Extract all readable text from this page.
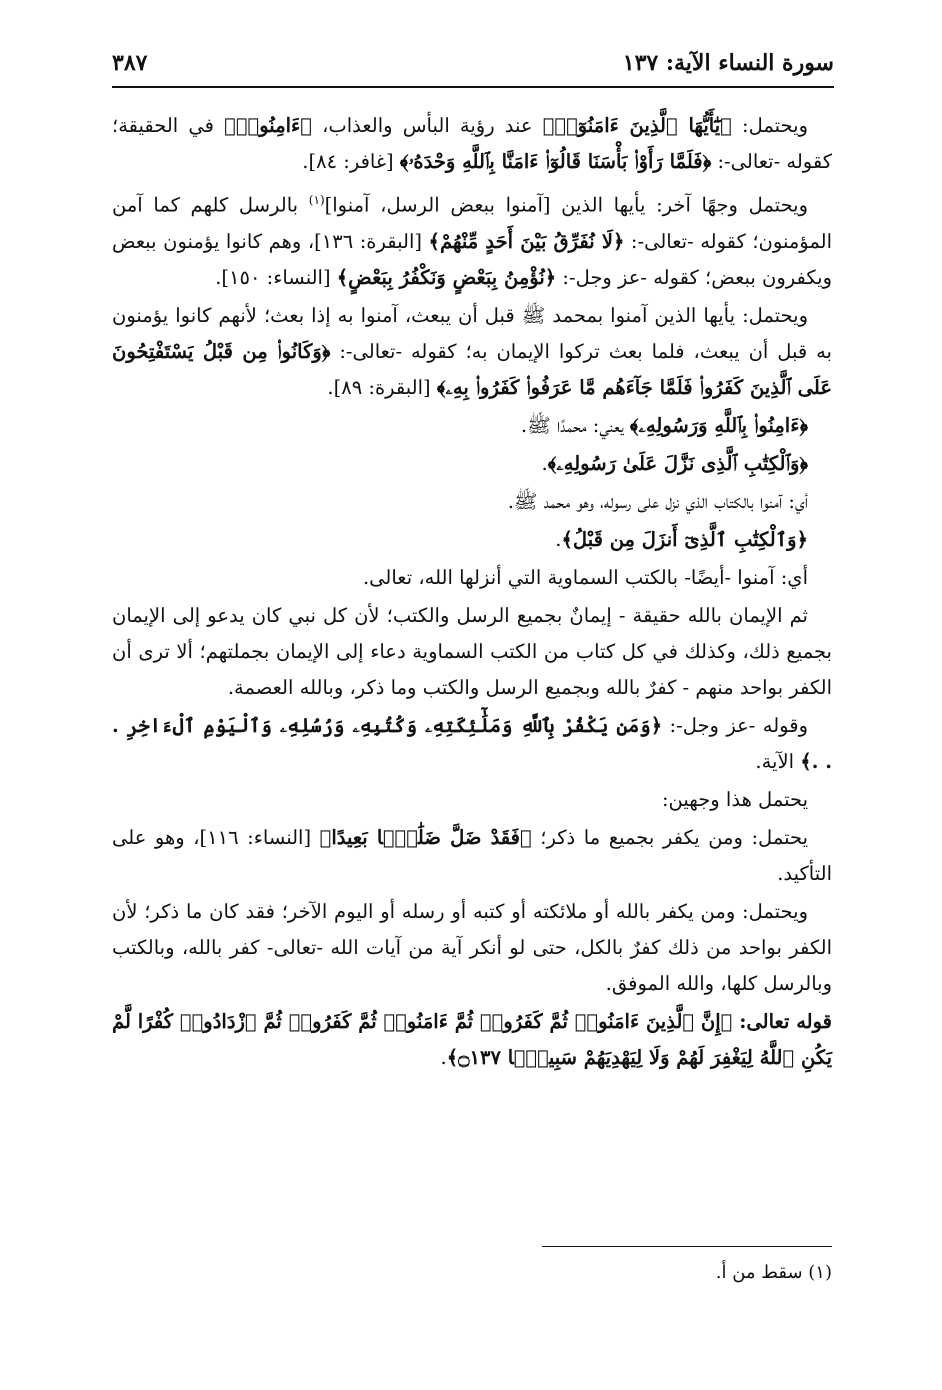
سورة النساء الآية: ١٣٧
٣٨٧

ويحتمل: ﴿يَٰٓأَيُّهَا ٱلَّذِينَ ءَامَنُوٓا۟﴾ عند رؤية البأس والعذاب، ﴿ءَامِنُوا۟﴾ في الحقيقة؛ كقوله -تعالى-: ﴿فَلَمَّا رَأَوْا۟ بَأْسَنَا قَالُوٓا۟ ءَامَنَّا بِٱللَّهِ وَحْدَهُۥ﴾ [غافر: ٨٤].

ويحتمل وجهًا آخر: يأيها الذين [آمنوا ببعض الرسل، آمنوا]$^{(١)}$ بالرسل كلهم كما آمن المؤمنون؛ كقوله -تعالى-: ﴿لَا نُفَرِّقُ بَيْنَ أَحَدٍ مِّنْهُمْ﴾ [البقرة: ١٣٦]، وهم كانوا يؤمنون ببعض ويكفرون ببعض؛ كقوله -عز وجل-: ﴿نُؤْمِنُ بِبَعْضٍ وَنَكْفُرُ بِبَعْضٍ﴾ [النساء: ١٥٠].

ويحتمل: يأيها الذين آمنوا بمحمد ﷺ قبل أن يبعث، آمنوا به إذا بعث؛ لأنهم كانوا يؤمنون به قبل أن يبعث، فلما بعث تركوا الإيمان به؛ كقوله -تعالى-: ﴿وَكَانُوا۟ مِن قَبْلُ يَسْتَفْتِحُونَ عَلَى ٱلَّذِينَ كَفَرُوا۟ فَلَمَّا جَآءَهُم مَّا عَرَفُوا۟ كَفَرُوا۟ بِهِۦ﴾ [البقرة: ٨٩].

﴿ءَامِنُوا۟ بِٱللَّهِ وَرَسُولِهِۦ﴾ يعني: محمدًا ﷺ.

﴿وَٱلْكِتَٰبِ ٱلَّذِى نَزَّلَ عَلَىٰ رَسُولِهِۦ﴾.

أي: آمنوا بالكتاب الذي نزل على رسوله، وهو محمد ﷺ.

﴿وَٱلْكِتَٰبِ ٱلَّذِىٓ أَنزَلَ مِن قَبْلُ﴾.

أي: آمنوا -أيضًا- بالكتب السماوية التي أنزلها الله، تعالى.

ثم الإيمان بالله حقيقة - إيمانٌ بجميع الرسل والكتب؛ لأن كل نبي كان يدعو إلى الإيمان بجميع ذلك، وكذلك في كل كتاب من الكتب السماوية دعاء إلى الإيمان بجملتهم؛ ألا ترى أن الكفر بواحد منهم - كفرٌ بالله وبجميع الرسل والكتب وما ذكر، وبالله العصمة.

وقوله -عز وجل-: ﴿وَمَن يَكْفُرْ بِٱللَّهِ وَمَلَٰٓئِكَتِهِۦ وَكُتُبِهِۦ وَرُسُلِهِۦ وَٱلْيَوْمِ ٱلْءَاخِرِ . . .﴾ الآية.

يحتمل هذا وجهين:

يحتمل: ومن يكفر بجميع ما ذكر؛ ﴿فَقَدْ ضَلَّ ضَلَٰلًۢا بَعِيدًا﴾ [النساء: ١١٦]، وهو على التأكيد.

ويحتمل: ومن يكفر بالله أو ملائكته أو كتبه أو رسله أو اليوم الآخر؛ فقد كان ما ذكر؛ لأن الكفر بواحد من ذلك كفرٌ بالكل، حتى لو أنكر آية من آيات الله -تعالى- كفر بالله، وبالكتب وبالرسل كلها، والله الموفق.

قوله تعالى: ﴿إِنَّ ٱلَّذِينَ ءَامَنُوا۟ ثُمَّ كَفَرُوا۟ ثُمَّ ءَامَنُوا۟ ثُمَّ كَفَرُوا۟ ثُمَّ ٱزْدَادُوا۟ كُفْرًا لَّمْ يَكُنِ ٱللَّهُ لِيَغْفِرَ لَهُمْ وَلَا لِيَهْدِيَهُمْ سَبِيلًۢا ۝١٣٧﴾.

(١) سقط من أ.
